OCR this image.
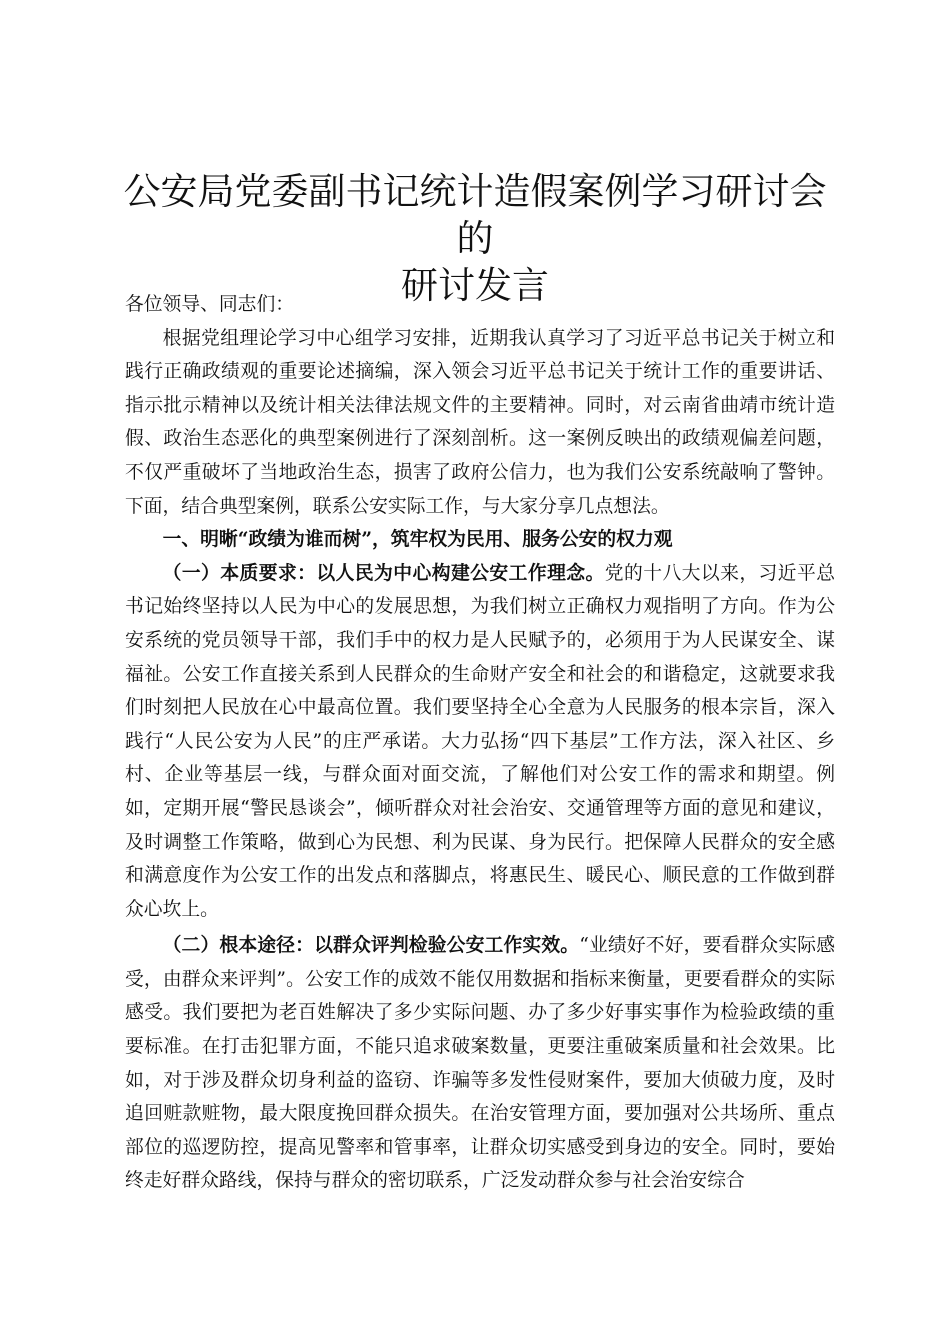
公安局党委副书记统计造假案例学习研讨会的
研讨发言

各位领导、同志们：

根据党组理论学习中心组学习安排，近期我认真学习了习近平总书记关于树立和践行正确政绩观的重要论述摘编，深入领会习近平总书记关于统计工作的重要讲话、指示批示精神以及统计相关法律法规文件的主要精神。同时，对云南省曲靖市统计造假、政治生态恶化的典型案例进行了深刻剖析。这一案例反映出的政绩观偏差问题，不仅严重破坏了当地政治生态，损害了政府公信力，也为我们公安系统敲响了警钟。下面，结合典型案例，联系公安实际工作，与大家分享几点想法。

一、明晰“政绩为谁而树”，筑牢权为民用、服务公安的权力观

（一）本质要求：以人民为中心构建公安工作理念。党的十八大以来，习近平总书记始终坚持以人民为中心的发展思想，为我们树立正确权力观指明了方向。作为公安系统的党员领导干部，我们手中的权力是人民赋予的，必须用于为人民谋安全、谋福祉。公安工作直接关系到人民群众的生命财产安全和社会的和谐稳定，这就要求我们时刻把人民放在心中最高位置。我们要坚持全心全意为人民服务的根本宗旨，深入践行“人民公安为人民”的庄严承诺。大力弘扬“四下基层”工作方法，深入社区、乡村、企业等基层一线，与群众面对面交流，了解他们对公安工作的需求和期望。例如，定期开展“警民恳谈会”，倾听群众对社会治安、交通管理等方面的意见和建议，及时调整工作策略，做到心为民想、利为民谋、身为民行。把保障人民群众的安全感和满意度作为公安工作的出发点和落脚点，将惠民生、暖民心、顺民意的工作做到群众心坎上。

（二）根本途径：以群众评判检验公安工作实效。“业绩好不好，要看群众实际感受，由群众来评判”。公安工作的成效不能仅用数据和指标来衡量，更要看群众的实际感受。我们要把为老百姓解决了多少实际问题、办了多少好事实事作为检验政绩的重要标准。在打击犯罪方面，不能只追求破案数量，更要注重破案质量和社会效果。比如，对于涉及群众切身利益的盗窃、诈骗等多发性侵财案件，要加大侦破力度，及时追回赃款赃物，最大限度挽回群众损失。在治安管理方面，要加强对公共场所、重点部位的巡逻防控，提高见警率和管事率，让群众切实感受到身边的安全。同时，要始终走好群众路线，保持与群众的密切联系，广泛发动群众参与社会治安综合
